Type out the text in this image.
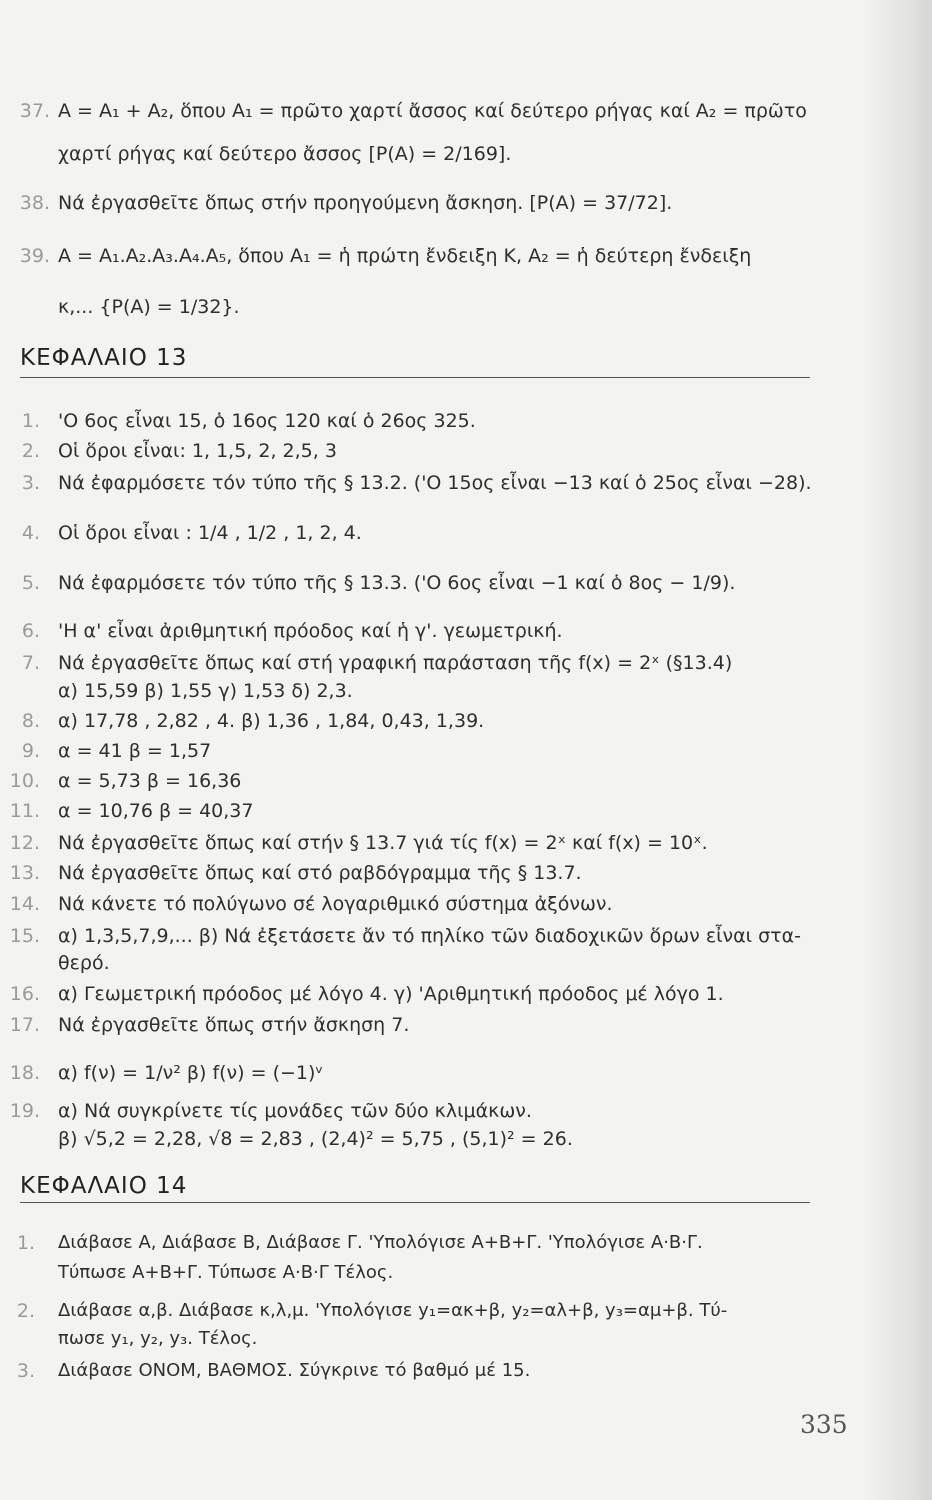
37. A = A₁ + A₂, ὅπου A₁ = πρῶτο χαρτί ἄσσος καί δεύτερο ρήγας καί A₂ = πρῶτο
χαρτί ρήγας καί δεύτερο ἄσσος [P(A) = 2/169].
38. Νά ἐργασθεῖτε ὅπως στήν προηγούμενη ἄσκηση. [P(A) = 37/72].
39. A = A₁.A₂.A₃.A₄.A₅, ὅπου A₁ = ἡ πρώτη ἔνδειξη K, A₂ = ἡ δεύτερη ἔνδειξη
κ,... {P(A) = 1/32}.
ΚΕΦΑΛΑΙΟ 13
1. 'O 6ος εἶναι 15, ὁ 16ος 120 καί ὁ 26ος 325.
2. Οἱ ὅροι εἶναι: 1, 1,5, 2, 2,5, 3
3. Νά ἐφαρμόσετε τόν τύπο τῆς § 13.2. ('O 15ος εἶναι −13 καί ὁ 25ος εἶναι −28).
4. Οἱ ὅροι εἶναι : 1/4 , 1/2 , 1, 2, 4.
5. Νά ἐφαρμόσετε τόν τύπο τῆς § 13.3. ('O 6ος εἶναι −1 καί ὁ 8ος − 1/9).
6. 'H α' εἶναι ἀριθμητική πρόοδος καί ἡ γ'. γεωμετρική.
7. Νά ἐργασθεῖτε ὅπως καί στή γραφική παράσταση τῆς f(x) = 2ˣ (§13.4)
α) 15,59 β) 1,55 γ) 1,53 δ) 2,3.
8. α) 17,78 , 2,82 , 4. β) 1,36 , 1,84, 0,43, 1,39.
9. α = 41 β = 1,57
10. α = 5,73 β = 16,36
11. α = 10,76 β = 40,37
12. Νά ἐργασθεῖτε ὅπως καί στήν § 13.7 γιά τίς f(x) = 2ˣ καί f(x) = 10ˣ.
13. Νά ἐργασθεῖτε ὅπως καί στό ραβδόγραμμα τῆς § 13.7.
14. Νά κάνετε τό πολύγωνο σέ λογαριθμικό σύστημα ἀξόνων.
15. α) 1,3,5,7,9,... β) Νά ἐξετάσετε ἄν τό πηλίκο τῶν διαδοχικῶν ὅρων εἶναι στα-
θερό.
16. α) Γεωμετρική πρόοδος μέ λόγο 4. γ) 'Αριθμητική πρόοδος μέ λόγο 1.
17. Νά ἐργασθεῖτε ὅπως στήν ἄσκηση 7.
18. α) f(ν) = 1/ν² β) f(ν) = (−1)ᵛ
19. α) Νά συγκρίνετε τίς μονάδες τῶν δύο κλιμάκων.
β) √5,2 = 2,28, √8 = 2,83 , (2,4)² = 5,75 , (5,1)² = 26.
ΚΕΦΑΛΑΙΟ 14
1. Διάβασε A, Διάβασε B, Διάβασε Γ. 'Υπολόγισε A+B+Γ. 'Υπολόγισε A·B·Γ.
Τύπωσε A+B+Γ. Τύπωσε A·B·Γ Τέλος.
2. Διάβασε α,β. Διάβασε κ,λ,μ. 'Υπολόγισε y₁=ακ+β, y₂=αλ+β, y₃=αμ+β. Τύ-
πωσε y₁, y₂, y₃. Τέλος.
3. Διάβασε ΟΝΟΜ, ΒΑΘΜΟΣ. Σύγκρινε τό βαθμό μέ 15.
335
